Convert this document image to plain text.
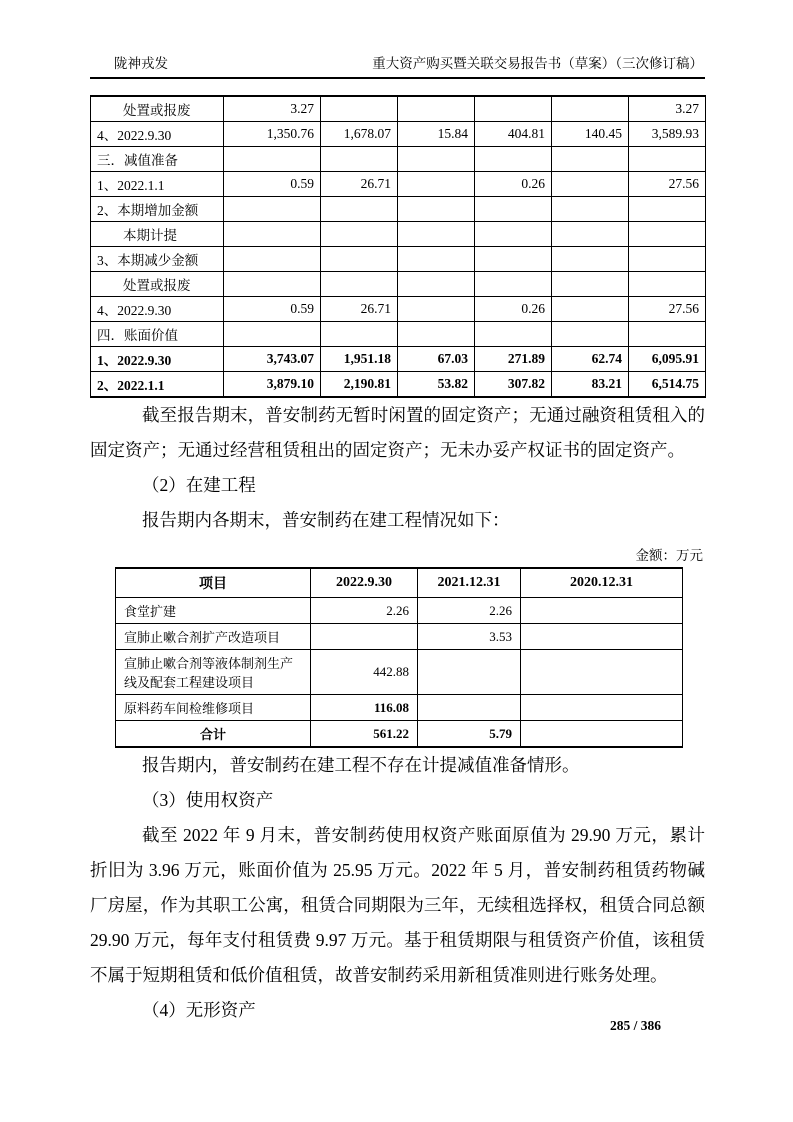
陇神戎发	重大资产购买暨关联交易报告书（草案）（三次修订稿）
处置或报废	3.27					3.27
4、2022.9.30	1,350.76	1,678.07	15.84	404.81	140.45	3,589.93
三．减值准备						
1、2022.1.1	0.59	26.71		0.26		27.56
2、本期增加金额						
本期计提						
3、本期减少金额						
处置或报废						
4、2022.9.30	0.59	26.71		0.26		27.56
四．账面价值						
1、2022.9.30	3,743.07	1,951.18	67.03	271.89	62.74	6,095.91
2、2022.1.1	3,879.10	2,190.81	53.82	307.82	83.21	6,514.75

截至报告期末，普安制药无暂时闲置的固定资产；无通过融资租赁租入的固定资产；无通过经营租赁租出的固定资产；无未办妥产权证书的固定资产。

（2）在建工程

报告期内各期末，普安制药在建工程情况如下：

金额：万元
项目	2022.9.30	2021.12.31	2020.12.31
食堂扩建	2.26	2.26	
宣肺止嗽合剂扩产改造项目		3.53	
宣肺止嗽合剂等液体制剂生产线及配套工程建设项目	442.88		
原料药车间检维修项目	116.08		
合计	561.22	5.79	

报告期内，普安制药在建工程不存在计提减值准备情形。

（3）使用权资产

截至 2022 年 9 月末，普安制药使用权资产账面原值为 29.90 万元，累计折旧为 3.96 万元，账面价值为 25.95 万元。2022 年 5 月，普安制药租赁药物碱厂房屋，作为其职工公寓，租赁合同期限为三年，无续租选择权，租赁合同总额 29.90 万元，每年支付租赁费 9.97 万元。基于租赁期限与租赁资产价值，该租赁不属于短期租赁和低价值租赁，故普安制药采用新租赁准则进行账务处理。

（4）无形资产

285 / 386
